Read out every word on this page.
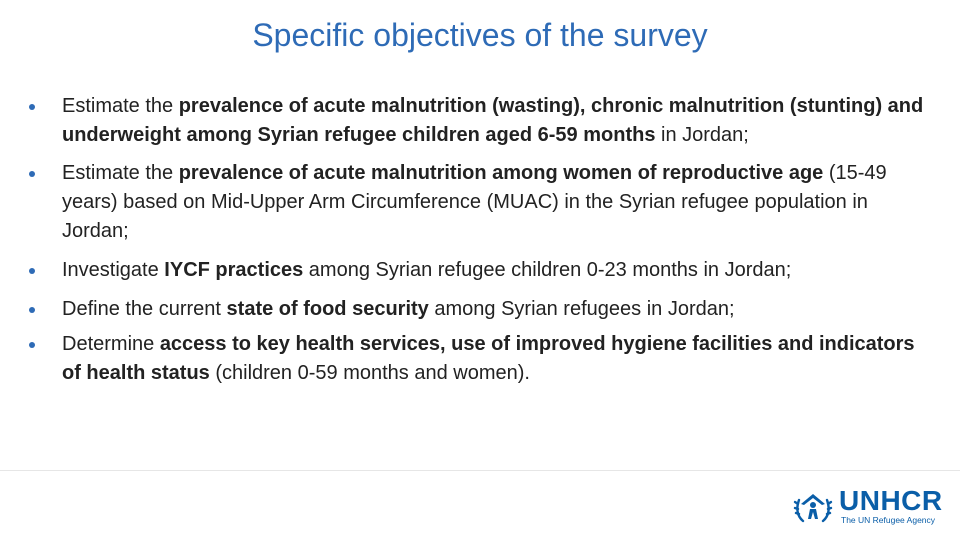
Specific objectives of the survey
Estimate the prevalence of acute malnutrition (wasting), chronic malnutrition (stunting) and underweight among Syrian refugee children aged 6-59 months in Jordan;
Estimate the prevalence of acute malnutrition among women of reproductive age (15-49 years) based on Mid-Upper Arm Circumference (MUAC) in the Syrian refugee population in Jordan;
Investigate IYCF practices among Syrian refugee children 0-23 months in Jordan;
Define the current state of food security among Syrian refugees in Jordan;
Determine access to key health services, use of improved hygiene facilities and indicators of health status (children 0-59 months and women).
UNHCR
The UN Refugee Agency
